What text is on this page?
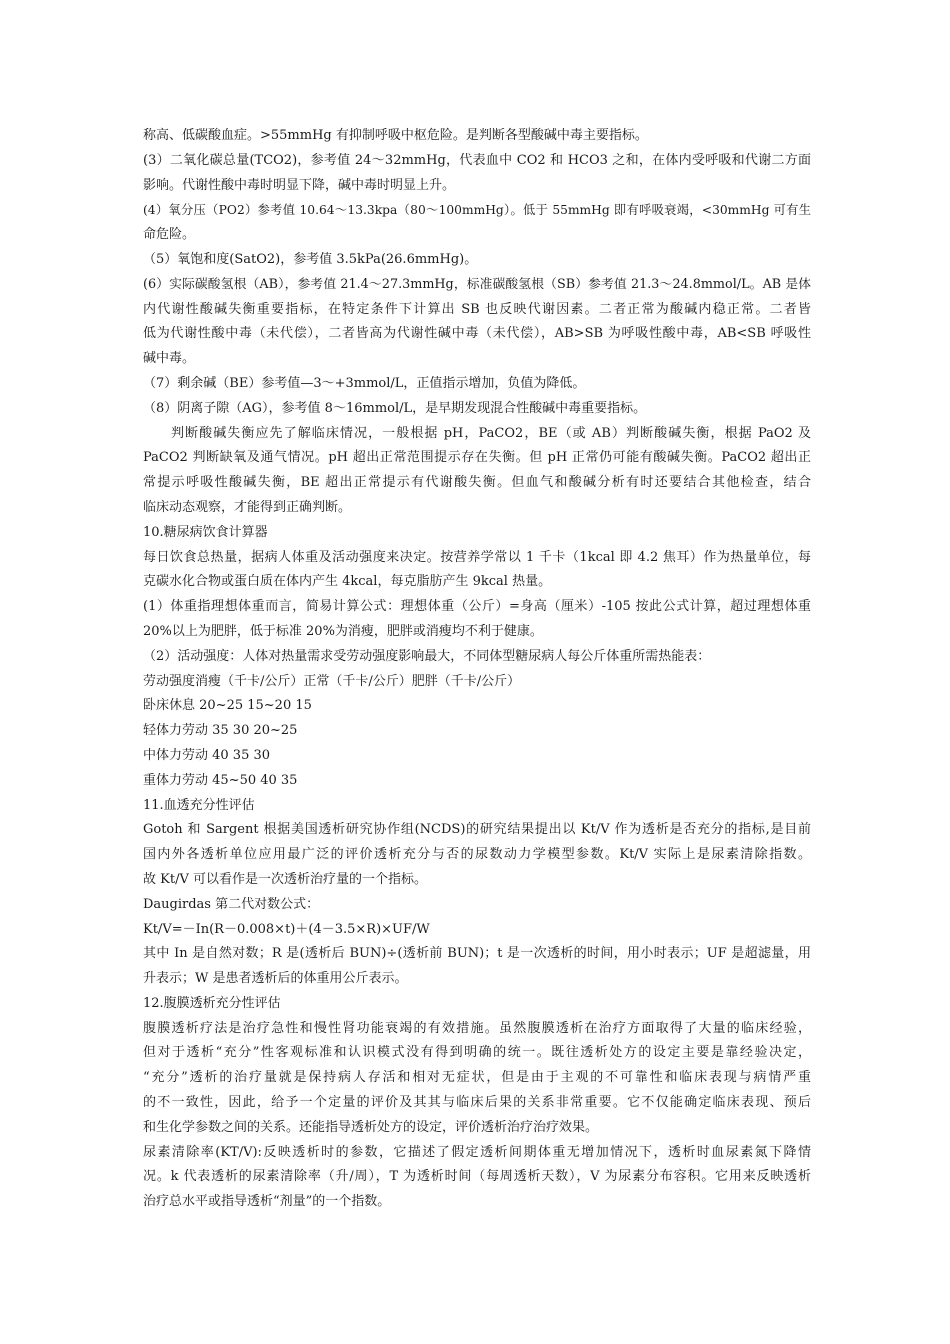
称高、低碳酸血症。>55mmHg 有抑制呼吸中枢危险。是判断各型酸碱中毒主要指标。
(3）二氧化碳总量(TCO2)，参考值 24～32mmHg，代表血中 CO2 和 HCO3 之和，在体内受呼吸和代谢二方面
影响。代谢性酸中毒时明显下降，碱中毒时明显上升。
(4）氧分压（PO2）参考值 10.64～13.3kpa（80～100mmHg）。低于 55mmHg 即有呼吸衰竭，<30mmHg 可有生
命危险。
（5）氧饱和度(SatO2)，参考值 3.5kPa(26.6mmHg)。
(6）实际碳酸氢根（AB），参考值 21.4～27.3mmHg，标准碳酸氢根（SB）参考值 21.3～24.8mmol/L。AB 是体
内代谢性酸碱失衡重要指标，在特定条件下计算出 SB 也反映代谢因素。二者正常为酸碱内稳正常。二者皆
低为代谢性酸中毒（未代偿），二者皆高为代谢性碱中毒（未代偿），AB>SB 为呼吸性酸中毒，AB<SB 呼吸性
碱中毒。
（7）剩余碱（BE）参考值—3～+3mmol/L，正值指示增加，负值为降低。
（8）阴离子隙（AG），参考值 8～16mmol/L，是早期发现混合性酸碱中毒重要指标。
判断酸碱失衡应先了解临床情况，一般根据 pH，PaCO2，BE（或 AB）判断酸碱失衡，根据 PaO2 及
PaCO2 判断缺氧及通气情况。pH 超出正常范围提示存在失衡。但 pH 正常仍可能有酸碱失衡。PaCO2 超出正
常提示呼吸性酸碱失衡，BE 超出正常提示有代谢酸失衡。但血气和酸碱分析有时还要结合其他检查，结合
临床动态观察，才能得到正确判断。
10.糖尿病饮食计算器
每日饮食总热量，据病人体重及活动强度来决定。按营养学常以 1 千卡（1kcal 即 4.2 焦耳）作为热量单位，每
克碳水化合物或蛋白质在体内产生 4kcal，每克脂肪产生 9kcal 热量。
(1）体重指理想体重而言，简易计算公式：理想体重（公斤）=身高（厘米）-105 按此公式计算，超过理想体重
20%以上为肥胖，低于标准 20%为消瘦，肥胖或消瘦均不利于健康。
（2）活动强度：人体对热量需求受劳动强度影响最大，不同体型糖尿病人每公斤体重所需热能表：
劳动强度消瘦（千卡/公斤）正常（千卡/公斤）肥胖（千卡/公斤）
卧床休息 20~25 15~20 15
轻体力劳动 35 30 20~25
中体力劳动 40 35 30
重体力劳动 45~50 40 35
11.血透充分性评估
Gotoh 和 Sargent 根据美国透析研究协作组(NCDS)的研究结果提出以 Kt/V 作为透析是否充分的指标,是目前
国内外各透析单位应用最广泛的评价透析充分与否的尿数动力学模型参数。Kt/V 实际上是尿素清除指数。
故 Kt/V 可以看作是一次透析治疗量的一个指标。
Daugirdas 第二代对数公式：
Kt/V=－In(R－0.008×t)＋(4－3.5×R)×UF/W
其中 In 是自然对数；R 是(透析后 BUN)÷(透析前 BUN)；t 是一次透析的时间，用小时表示；UF 是超滤量，用
升表示；W 是患者透析后的体重用公斤表示。
12.腹膜透析充分性评估
腹膜透析疗法是治疗急性和慢性肾功能衰竭的有效措施。虽然腹膜透析在治疗方面取得了大量的临床经验，
但对于透析“充分”性客观标准和认识模式没有得到明确的统一。既往透析处方的设定主要是靠经验决定，
“充分”透析的治疗量就是保持病人存活和相对无症状，但是由于主观的不可靠性和临床表现与病情严重
的不一致性，因此，给予一个定量的评价及其其与临床后果的关系非常重要。它不仅能确定临床表现、预后
和生化学参数之间的关系。还能指导透析处方的设定，评价透析治疗治疗效果。
尿素清除率(KT/V):反映透析时的参数，它描述了假定透析间期体重无增加情况下，透析时血尿素氮下降情
况。k 代表透析的尿素清除率（升/周），T 为透析时间（每周透析天数），V 为尿素分布容积。它用来反映透析
治疗总水平或指导透析“剂量”的一个指数。
